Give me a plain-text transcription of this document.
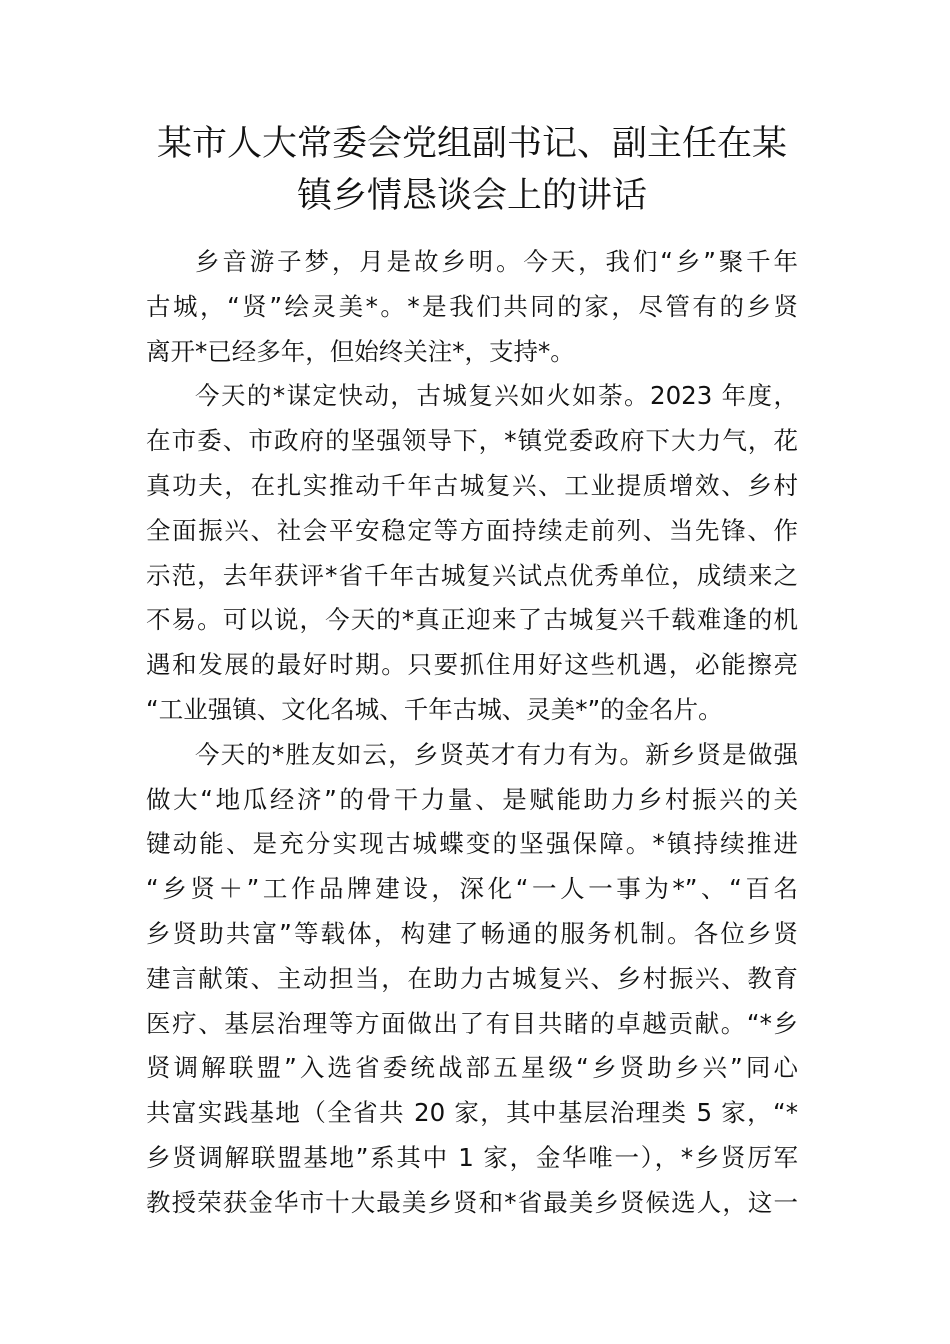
某市人大常委会党组副书记、副主任在某
镇乡情恳谈会上的讲话

乡音游子梦，月是故乡明。今天，我们“乡”聚千年
古城，“贤”绘灵美*。*是我们共同的家，尽管有的乡贤
离开*已经多年，但始终关注*，支持*。

今天的*谋定快动，古城复兴如火如荼。2023 年度，
在市委、市政府的坚强领导下，*镇党委政府下大力气，花
真功夫，在扎实推动千年古城复兴、工业提质增效、乡村
全面振兴、社会平安稳定等方面持续走前列、当先锋、作
示范，去年获评*省千年古城复兴试点优秀单位，成绩来之
不易。可以说，今天的*真正迎来了古城复兴千载难逢的机
遇和发展的最好时期。只要抓住用好这些机遇，必能擦亮
“工业强镇、文化名城、千年古城、灵美*”的金名片。

今天的*胜友如云，乡贤英才有力有为。新乡贤是做强
做大“地瓜经济”的骨干力量、是赋能助力乡村振兴的关
键动能、是充分实现古城蝶变的坚强保障。*镇持续推进
“乡贤＋”工作品牌建设，深化“一人一事为*”、“百名
乡贤助共富”等载体，构建了畅通的服务机制。各位乡贤
建言献策、主动担当，在助力古城复兴、乡村振兴、教育
医疗、基层治理等方面做出了有目共睹的卓越贡献。“*乡
贤调解联盟”入选省委统战部五星级“乡贤助乡兴”同心
共富实践基地（全省共 20 家，其中基层治理类 5 家，“*
乡贤调解联盟基地”系其中 1 家，金华唯一），*乡贤厉军
教授荣获金华市十大最美乡贤和*省最美乡贤候选人，这一
